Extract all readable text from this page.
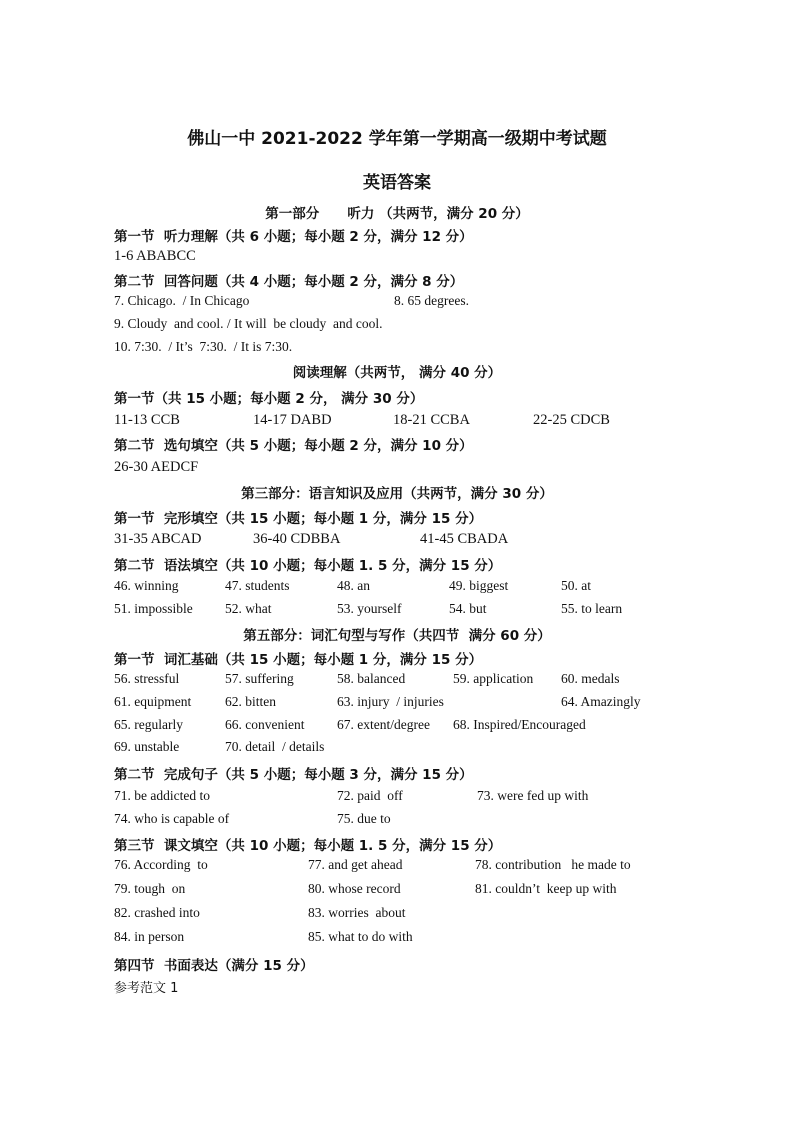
佛山一中 2021-2022 学年第一学期高一级期中考试题
英语答案
第一部分      听力 （共两节，满分 20 分）
第一节  听力理解（共 6 小题；每小题 2 分，满分 12 分）
1-6 ABABCC
第二节  回答问题（共 4 小题；每小题 2 分，满分 8 分）
7. Chicago.  / In Chicago	8. 65 degrees.
9. Cloudy  and cool. / It will  be cloudy  and cool.
10. 7:30.  / It’s  7:30.  / It is 7:30.
阅读理解（共两节， 满分 40 分）
第一节（共 15 小题；每小题 2 分， 满分 30 分）
11-13 CCB	14-17 DABD	18-21 CCBA	22-25 CDCB
第二节  选句填空（共 5 小题；每小题 2 分，满分 10 分）
26-30 AEDCF
第三部分：语言知识及应用（共两节，满分 30 分）
第一节  完形填空（共 15 小题；每小题 1 分，满分 15 分）
31-35 ABCAD	36-40 CDBBA	41-45 CBADA
第二节  语法填空（共 10 小题；每小题 1. 5 分，满分 15 分）
46. winning	47. students	48. an	49. biggest	50. at
51. impossible 52. what	53. yourself	54. but	55. to learn
第五部分：词汇句型与写作（共四节  满分 60 分）
第一节  词汇基础（共 15 小题；每小题 1 分，满分 15 分）
56. stressful	57. suffering	58. balanced	59. application 60. medals
61. equipment	62. bitten	63. injury  / injuries	64. Amazingly
65. regularly	66. convenient 67. extent/degree 68. Inspired/Encouraged
69. unstable	70. detail  / details
第二节  完成句子（共 5 小题；每小题 3 分，满分 15 分）
71. be addicted to	72. paid  off	73. were fed up with
74. who is capable of	75. due to
第三节  课文填空（共 10 小题；每小题 1. 5 分，满分 15 分）
76. According  to	77. and get ahead	78. contribution   he made to
79. tough  on	80. whose record	81. couldn’t  keep up with
82. crashed into	83. worries  about
84. in person	85. what to do with
第四节  书面表达（满分 15 分）
参考范文 1
